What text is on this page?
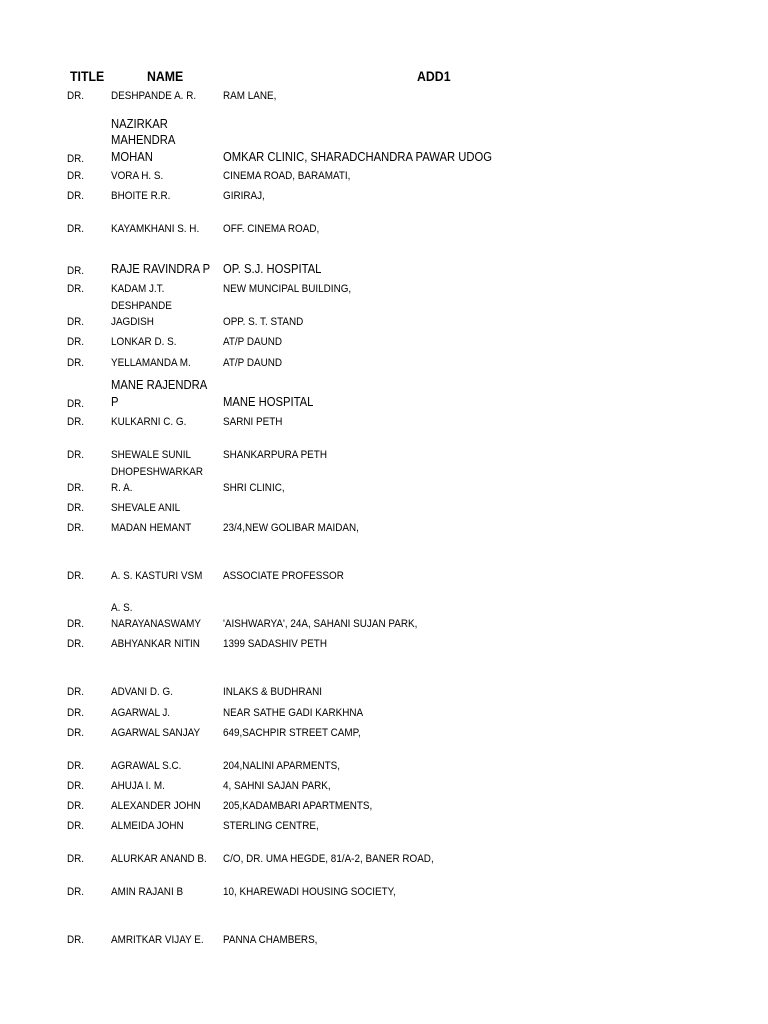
TITLE	NAME	ADD1
DR. DESHPANDE A. R.	RAM LANE,
DR.
NAZIRKAR
MAHENDRA
MOHAN	OMKAR CLINIC, SHARADCHANDRA PAWAR UDOG
DR. VORA H. S.	CINEMA ROAD, BARAMATI,
DR. BHOITE R.R.	GIRIRAJ,
DR. KAYAMKHANI S. H.	OFF. CINEMA ROAD,
DR. RAJE RAVINDRA P	OP. S.J. HOSPITAL
DR. KADAM J.T.	NEW MUNCIPAL BUILDING,
DR.
DESHPANDE
JAGDISH	OPP. S. T. STAND
DR. LONKAR D. S.	AT/P DAUND
DR. YELLAMANDA M.	AT/P DAUND
DR.
MANE RAJENDRA
P	MANE HOSPITAL
DR. KULKARNI C. G.	SARNI PETH
DR. SHEWALE SUNIL	SHANKARPURA PETH
DR.
DHOPESHWARKAR
R. A.	SHRI CLINIC,
DR. SHEVALE ANIL
DR. MADAN HEMANT	23/4,NEW GOLIBAR MAIDAN,
DR. A. S. KASTURI VSM	ASSOCIATE PROFESSOR
DR.
A. S.
NARAYANASWAMY	'AISHWARYA', 24A, SAHANI SUJAN PARK,
DR. ABHYANKAR NITIN	1399 SADASHIV PETH
DR. ADVANI D. G.	INLAKS & BUDHRANI
DR. AGARWAL J.	NEAR SATHE GADI KARKHNA
DR. AGARWAL SANJAY	649,SACHPIR STREET CAMP,
DR. AGRAWAL S.C.	204,NALINI APARMENTS,
DR. AHUJA I. M.	4, SAHNI SAJAN PARK,
DR. ALEXANDER JOHN	205,KADAMBARI APARTMENTS,
DR. ALMEIDA JOHN	STERLING CENTRE,
DR. ALURKAR ANAND B.	C/O, DR. UMA HEGDE, 81/A-2, BANER ROAD,
DR. AMIN RAJANI B	10, KHAREWADI HOUSING SOCIETY,
DR. AMRITKAR VIJAY E.	PANNA CHAMBERS,
